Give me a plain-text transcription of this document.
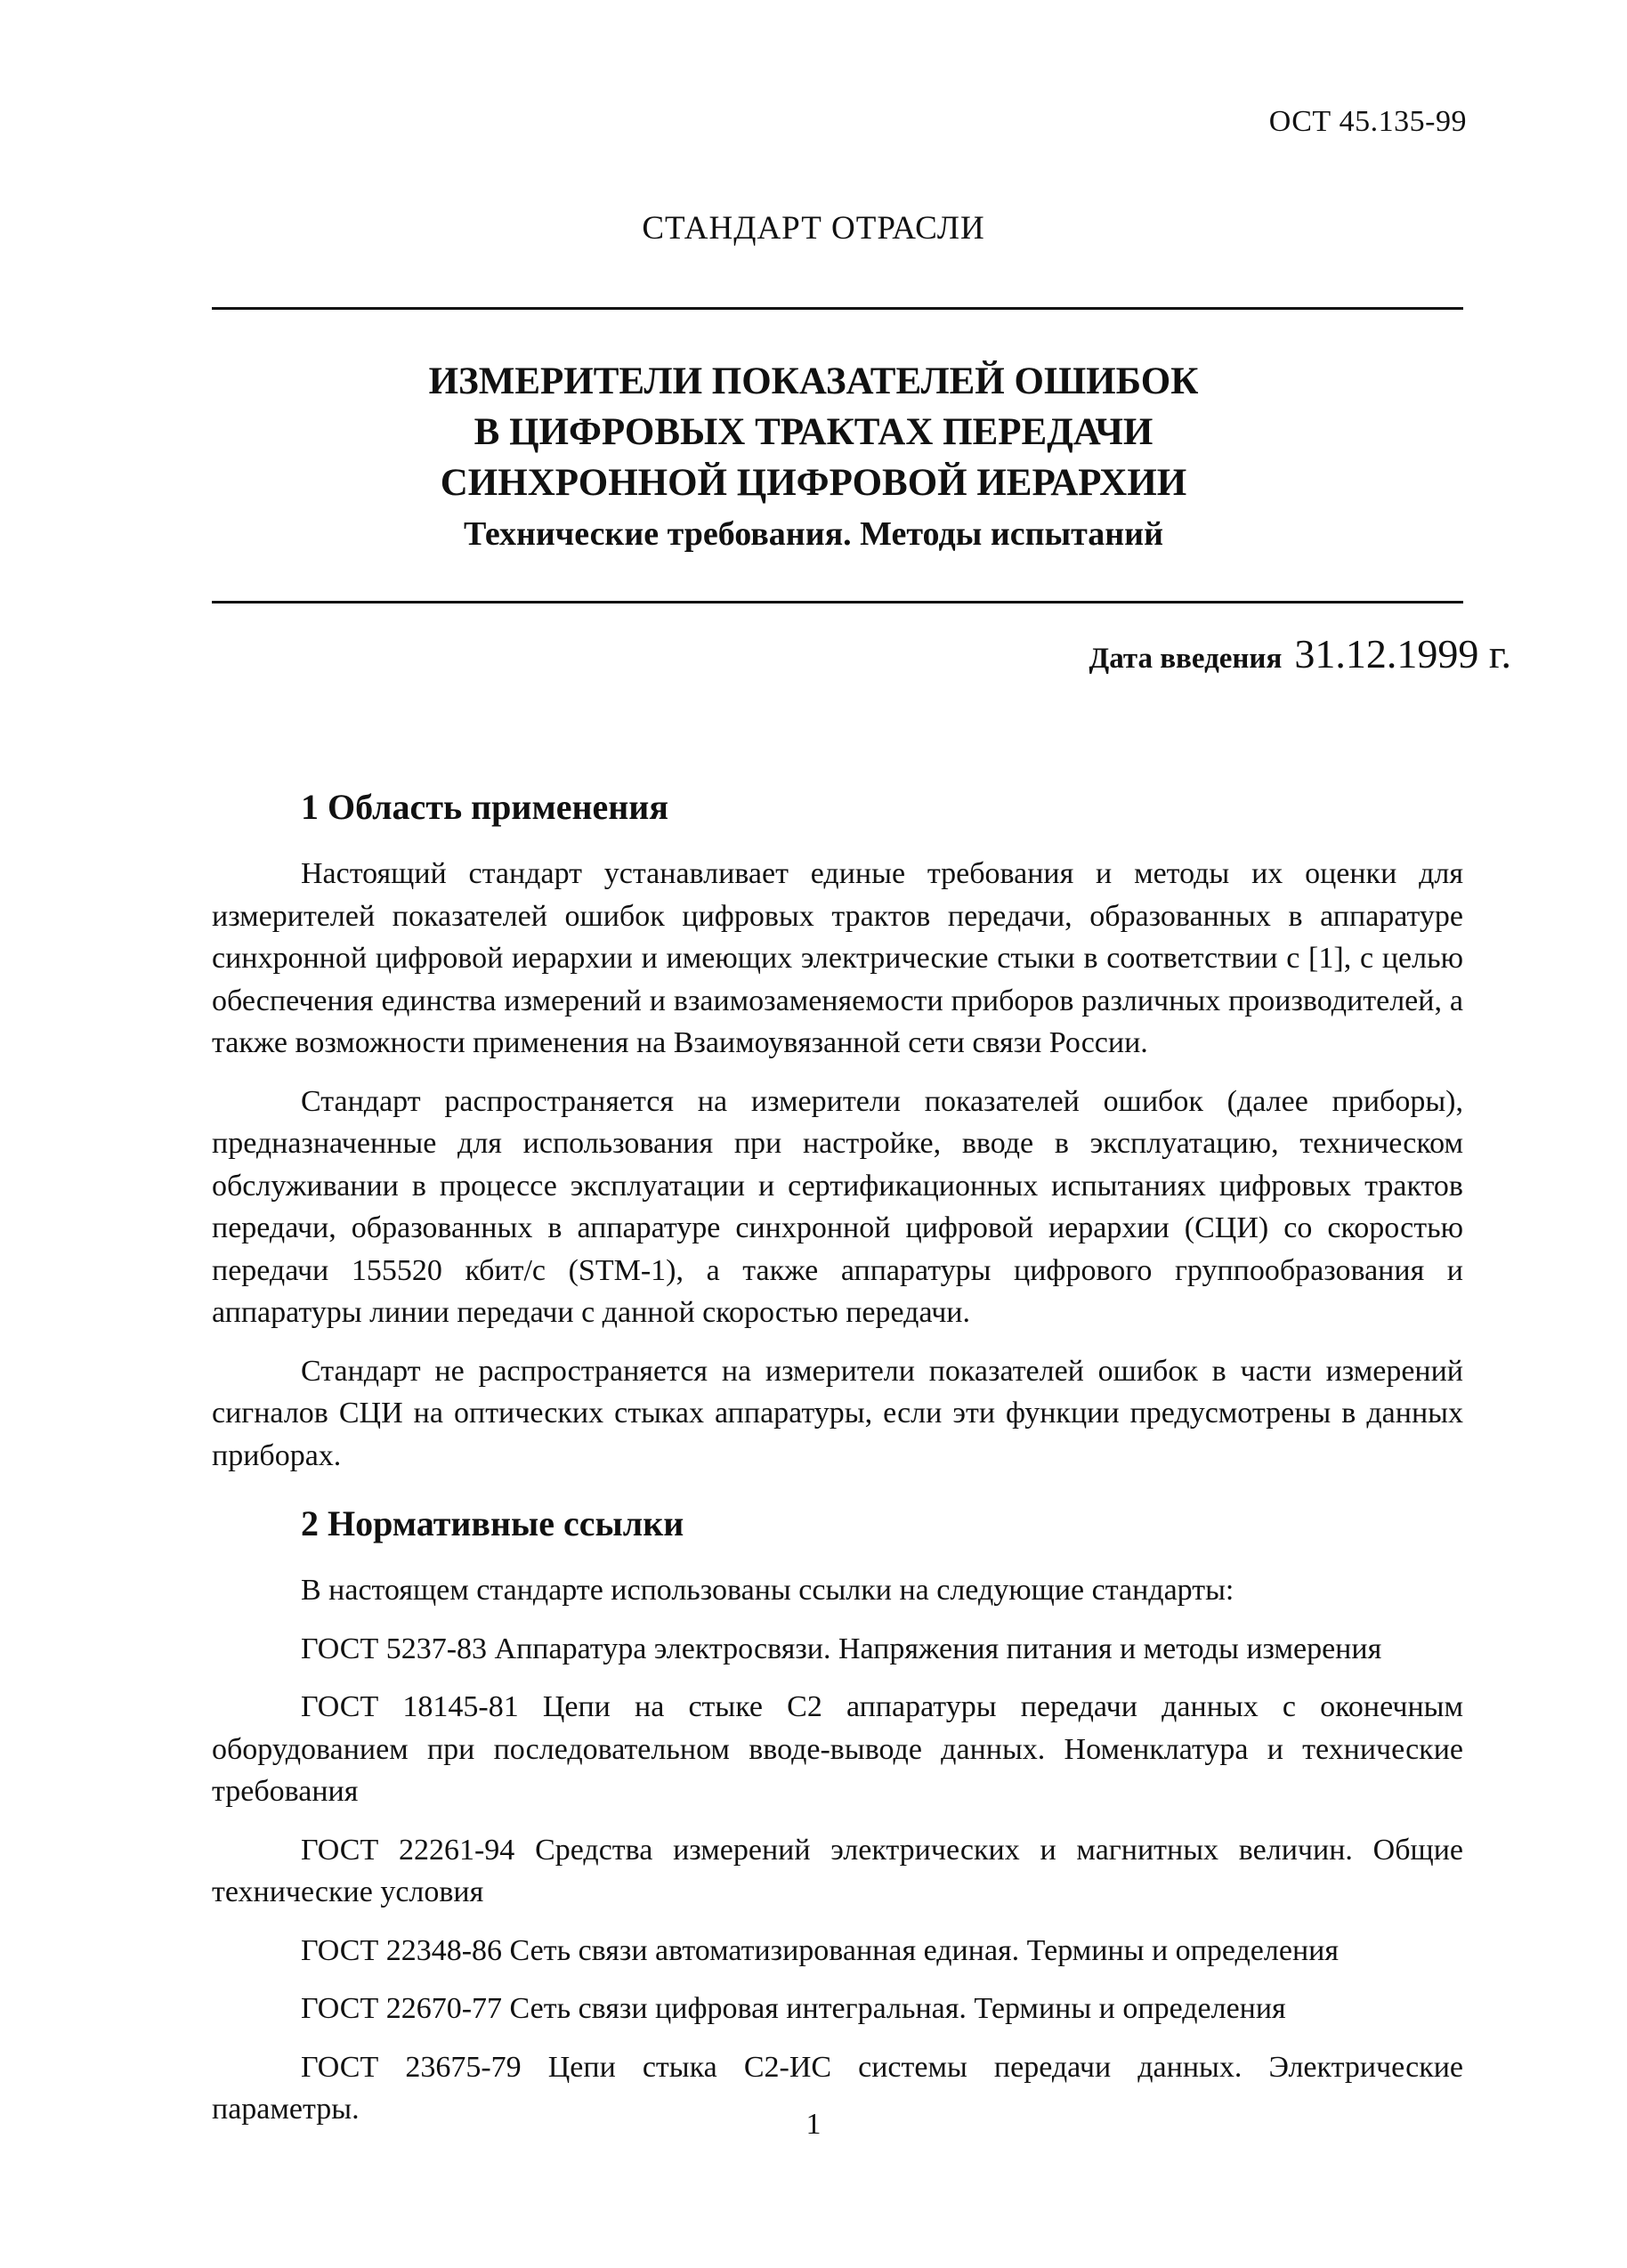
ОСТ 45.135-99
СТАНДАРТ ОТРАСЛИ
ИЗМЕРИТЕЛИ ПОКАЗАТЕЛЕЙ ОШИБОК
В ЦИФРОВЫХ ТРАКТАХ ПЕРЕДАЧИ
СИНХРОННОЙ ЦИФРОВОЙ ИЕРАРХИИ
Технические требования. Методы испытаний
Дата введения 31.12.1999 г.
1 Область применения

Настоящий стандарт устанавливает единые требования и методы их оценки для измерителей показателей ошибок цифровых трактов передачи, образованных в аппаратуре синхронной цифровой иерархии и имеющих электрические стыки в соответствии с [1], с целью обеспечения единства измерений и взаимозаменяемости приборов различных производителей, а также возможности применения на Взаимоувязанной сети связи России.

Стандарт распространяется на измерители показателей ошибок (далее приборы), предназначенные для использования при настройке, вводе в эксплуатацию, техническом обслуживании в процессе эксплуатации и сертификационных испытаниях цифровых трактов передачи, образованных в аппаратуре синхронной цифровой иерархии (СЦИ) со скоростью передачи 155520 кбит/с (STM-1), а также аппаратуры цифрового группообразования и аппаратуры линии передачи с данной скоростью передачи.

Стандарт не распространяется на измерители показателей ошибок в части измерений сигналов СЦИ на оптических стыках аппаратуры, если эти функции предусмотрены в данных приборах.

2 Нормативные ссылки

В настоящем стандарте использованы ссылки на следующие стандарты:

ГОСТ 5237-83 Аппаратура электросвязи. Напряжения питания и методы измерения

ГОСТ 18145-81 Цепи на стыке С2 аппаратуры передачи данных с оконечным оборудованием при последовательном вводе-выводе данных. Номенклатура и технические требования

ГОСТ 22261-94 Средства измерений электрических и магнитных величин. Общие технические условия

ГОСТ 22348-86 Сеть связи автоматизированная единая. Термины и определения

ГОСТ 22670-77 Сеть связи цифровая интегральная. Термины и определения

ГОСТ 23675-79 Цепи стыка С2-ИС системы передачи данных. Электрические параметры.	1
